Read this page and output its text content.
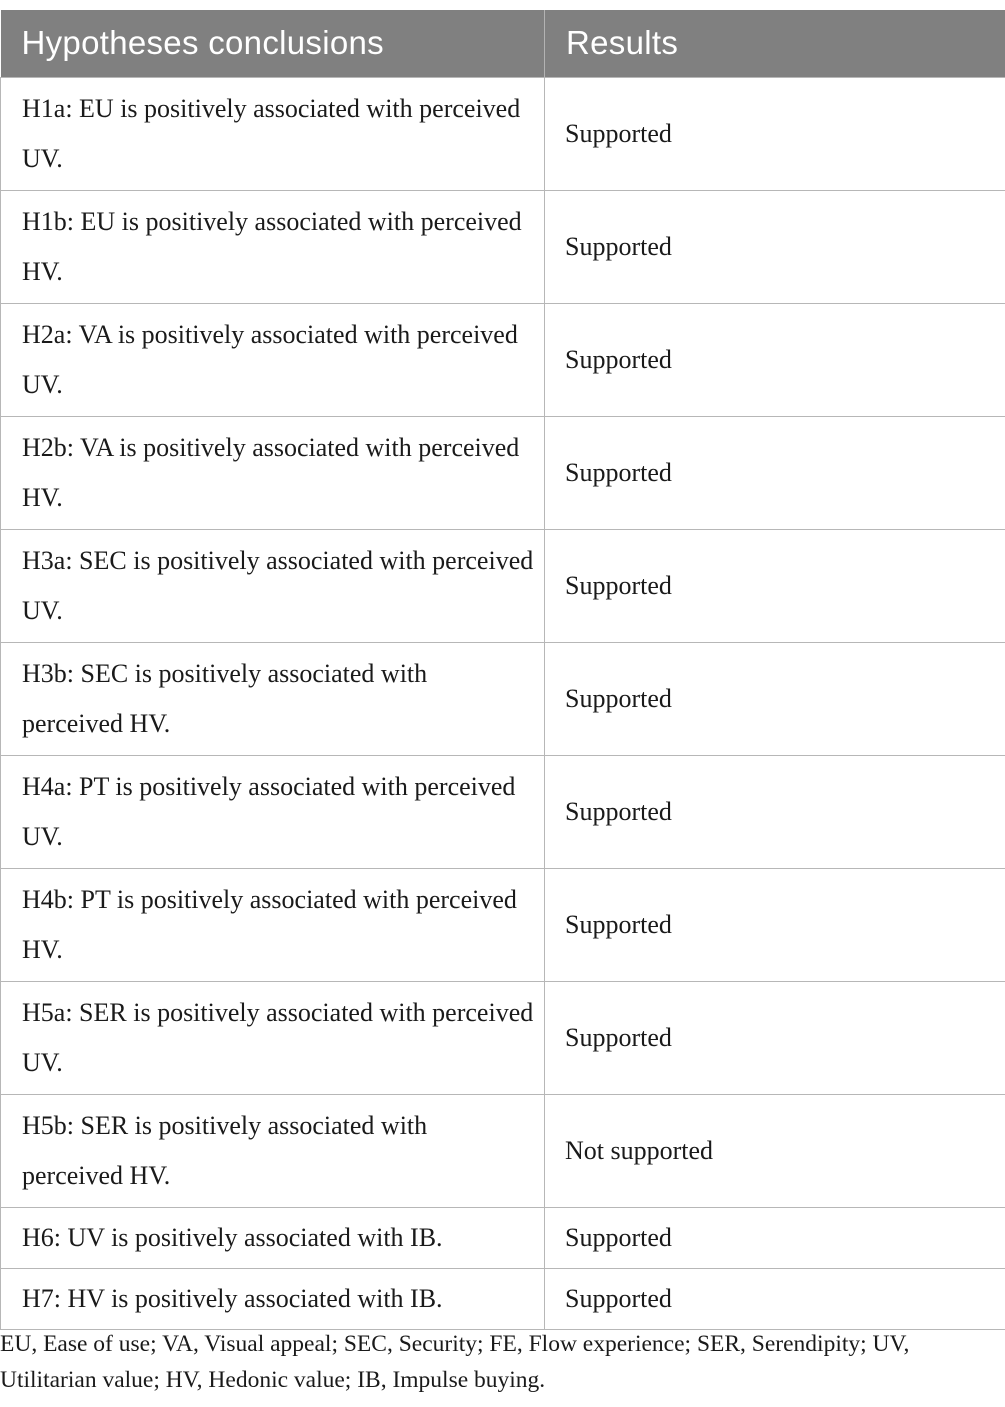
Hypotheses conclusions	Results
H1a: EU is positively associated with perceived UV.	Supported
H1b: EU is positively associated with perceived HV.	Supported
H2a: VA is positively associated with perceived UV.	Supported
H2b: VA is positively associated with perceived HV.	Supported
H3a: SEC is positively associated with perceived UV.	Supported
H3b: SEC is positively associated with perceived HV.	Supported
H4a: PT is positively associated with perceived UV.	Supported
H4b: PT is positively associated with perceived HV.	Supported
H5a: SER is positively associated with perceived UV.	Supported
H5b: SER is positively associated with perceived HV.	Not supported
H6: UV is positively associated with IB.	Supported
H7: HV is positively associated with IB.	Supported
EU, Ease of use; VA, Visual appeal; SEC, Security; FE, Flow experience; SER, Serendipity; UV, Utilitarian value; HV, Hedonic value; IB, Impulse buying.
